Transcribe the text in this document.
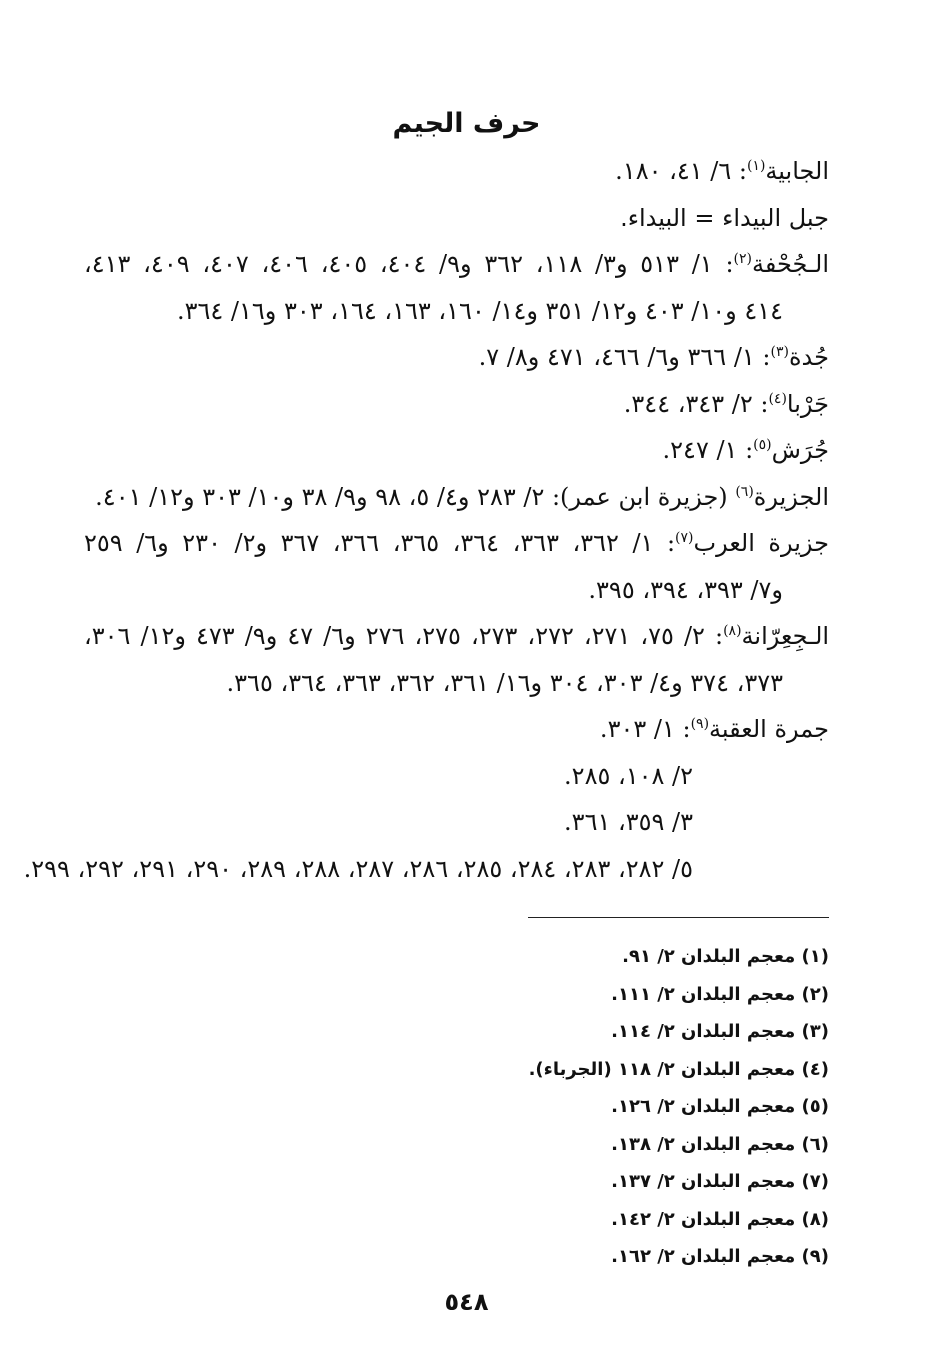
حرف الجيم
الجابية$^{(١)}$: ٦/ ٤١، ١٨٠.
جبل البيداء = البيداء.
الـجُحْفة$^{(٢)}$: ١/ ٥١٣ و٣/ ١١٨، ٣٦٢ و٩/ ٤٠٤، ٤٠٥، ٤٠٦، ٤٠٧، ٤٠٩، ٤١٣،
٤١٤ و١٠/ ٤٠٣ و١٢/ ٣٥١ و١٤/ ١٦٠، ١٦٣، ١٦٤، ٣٠٣ و١٦/ ٣٦٤.
جُدة$^{(٣)}$: ١/ ٣٦٦ و٦/ ٤٦٦، ٤٧١ و٨/ ٧.
جَرْبا$^{(٤)}$: ٢/ ٣٤٣، ٣٤٤.
جُرَش$^{(٥)}$: ١/ ٢٤٧.
الجزيرة$^{(٦)}$ (جزيرة ابن عمر): ٢/ ٢٨٣ و٤/ ٥، ٩٨ و٩/ ٣٨ و١٠/ ٣٠٣ و١٢/ ٤٠١.
جزيرة العرب$^{(٧)}$: ١/ ٣٦٢، ٣٦٣، ٣٦٤، ٣٦٥، ٣٦٦، ٣٦٧ و٢/ ٢٣٠ و٦/ ٢٥٩
و٧/ ٣٩٣، ٣٩٤، ٣٩٥.
الـجِعِرّانة$^{(٨)}$: ٢/ ٧٥، ٢٧١، ٢٧٢، ٢٧٣، ٢٧٥، ٢٧٦ و٦/ ٤٧ و٩/ ٤٧٣ و١٢/ ٣٠٦،
٣٧٣، ٣٧٤ و٤/ ٣٠٣، ٣٠٤ و١٦/ ٣٦١، ٣٦٢، ٣٦٣، ٣٦٤، ٣٦٥.
جمرة العقبة$^{(٩)}$: ١/ ٣٠٣.
٢/ ١٠٨، ٢٨٥.
٣/ ٣٥٩، ٣٦١.
٥/ ٢٨٢، ٢٨٣، ٢٨٤، ٢٨٥، ٢٨٦، ٢٨٧، ٢٨٨، ٢٨٩، ٢٩٠، ٢٩١، ٢٩٢، ٢٩٩.
(١) معجم البلدان ٢/ ٩١.
(٢) معجم البلدان ٢/ ١١١.
(٣) معجم البلدان ٢/ ١١٤.
(٤) معجم البلدان ٢/ ١١٨ (الجرباء).
(٥) معجم البلدان ٢/ ١٢٦.
(٦) معجم البلدان ٢/ ١٣٨.
(٧) معجم البلدان ٢/ ١٣٧.
(٨) معجم البلدان ٢/ ١٤٢.
(٩) معجم البلدان ٢/ ١٦٢.
٥٤٨
